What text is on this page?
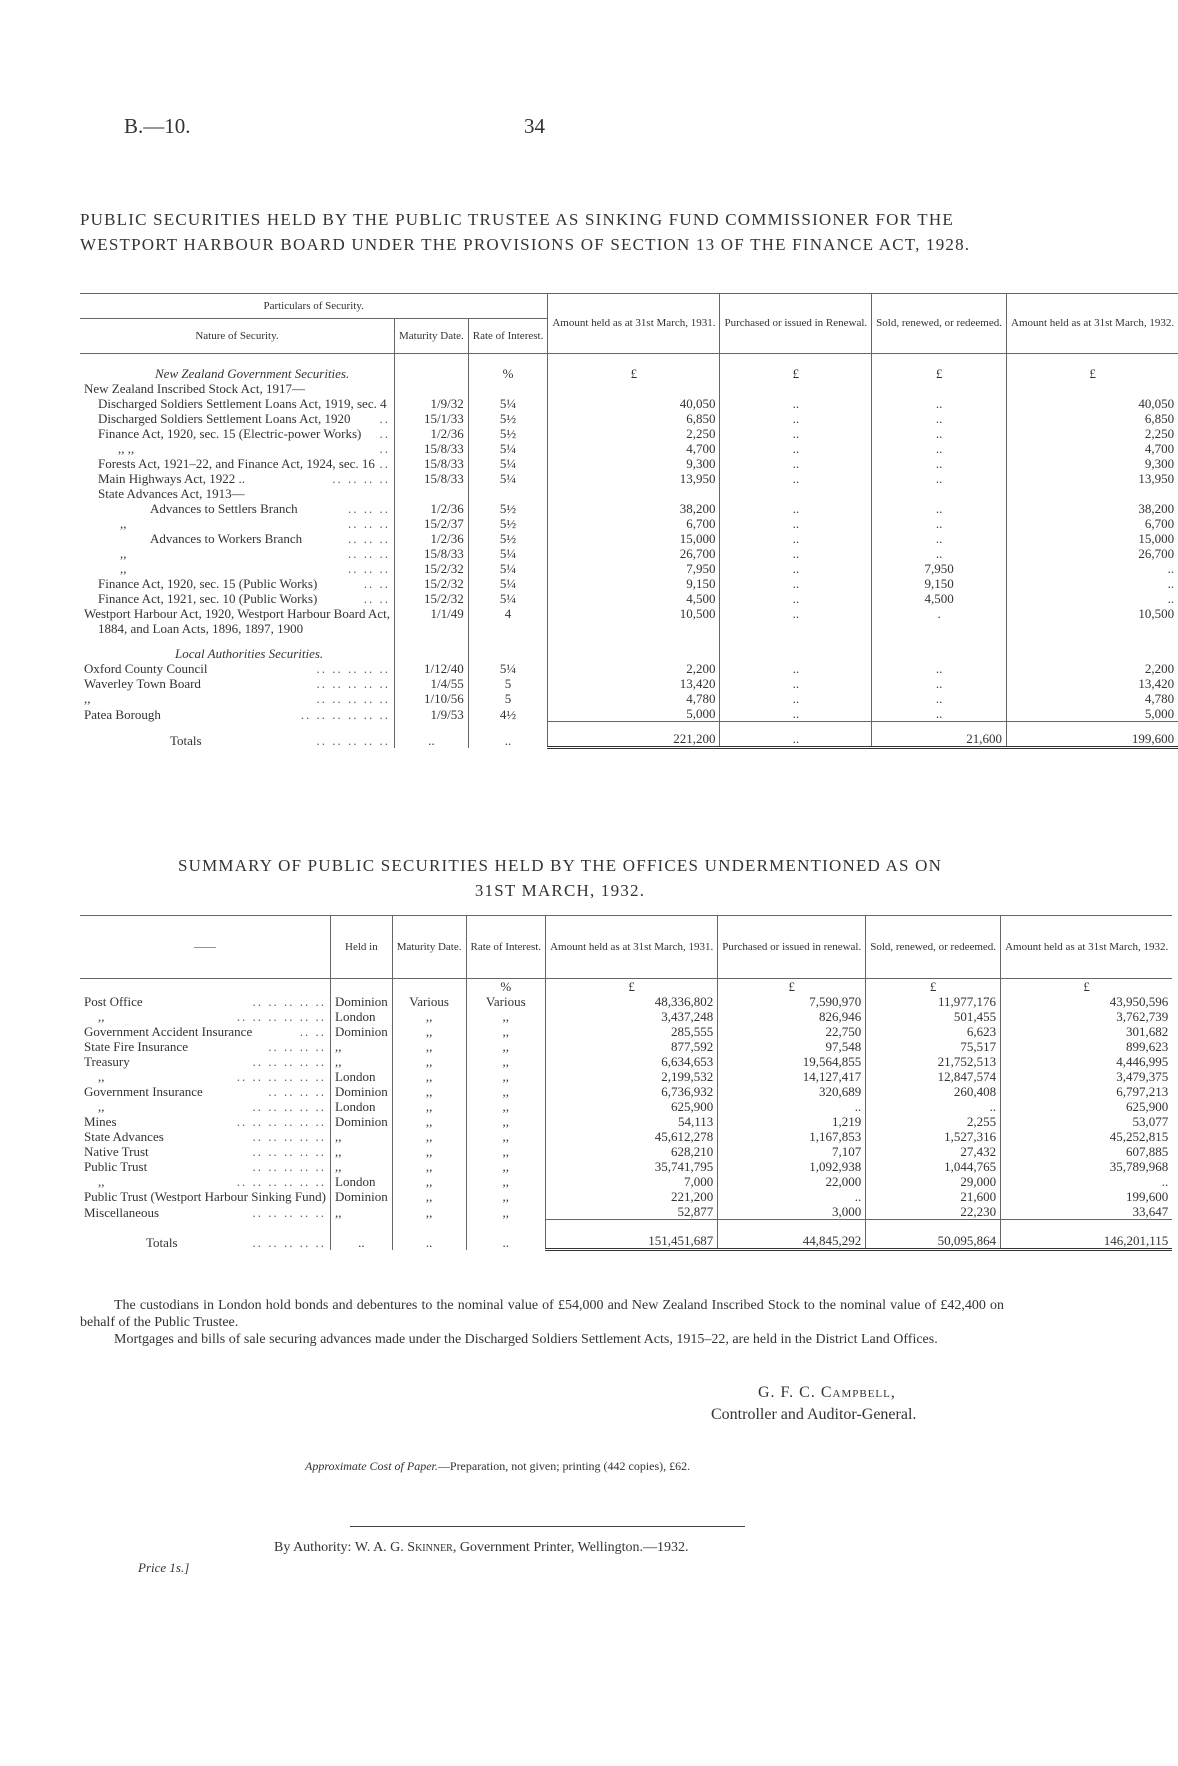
B.—10.	34
PUBLIC SECURITIES HELD BY THE PUBLIC TRUSTEE AS SINKING FUND COMMISSIONER FOR THE WESTPORT HARBOUR BOARD UNDER THE PROVISIONS OF SECTION 13 OF THE FINANCE ACT, 1928.
Particulars of Security.			Amount held as at 31st March, 1931.	Purchased or issued in Renewal.	Sold, renewed, or redeemed.	Amount held as at 31st March, 1932.
Nature of Security.	Maturity Date.	Rate of Interest.				
New Zealand Government Securities.		%	£	£	£	£
New Zealand Inscribed Stock Act, 1917—

Discharged Soldiers Settlement Loans Act, 1919, sec. 4	1/9/32	5¼	40,050	..	..	40,050
Discharged Soldiers Settlement Loans Act, 1920 ..	15/1/33	5½	6,850	..	..	6,850
Finance Act, 1920, sec. 15 (Electric-power Works) ..	1/2/36	5½	2,250	..	..	2,250
,, ,, ..	15/8/33	5¼	4,700	..	..	4,700
Forests Act, 1921–22, and Finance Act, 1924, sec. 16 ..	15/8/33	5¼	9,300	..	..	9,300
Main Highways Act, 1922 .. .. .. .. ..	15/8/33	5¼	13,950	..	..	13,950
State Advances Act, 1913—

Advances to Settlers Branch .. .. ..	1/2/36	5½	38,200	..	..	38,200
,, .. .. ..	15/2/37	5½	6,700	..	..	6,700
Advances to Workers Branch .. .. ..	1/2/36	5½	15,000	..	..	15,000
,, .. .. ..	15/8/33	5¼	26,700	..	..	26,700
,, .. .. ..	15/2/32	5¼	7,950	..	7,950	..
Finance Act, 1920, sec. 15 (Public Works) .. ..	15/2/32	5¼	9,150	..	9,150	..
Finance Act, 1921, sec. 10 (Public Works) .. ..	15/2/32	5¼	4,500	..	4,500	..
Westport Harbour Act, 1920, Westport Harbour Board Act,	1/1/49	4	10,500	..	.	10,500
1884, and Loan Acts, 1896, 1897, 1900

Local Authorities Securities.						
Oxford County Council .. .. .. .. ..	1/12/40	5¼	2,200	..	..	2,200
Waverley Town Board .. .. .. .. ..	1/4/55	5	13,420	..	..	13,420
,, .. .. .. .. ..	1/10/56	5	4,780	..	..	4,780
Patea Borough .. .. .. .. .. ..	1/9/53	4½	5,000	..	..	5,000
Totals .. .. .. .. ..	..	..	221,200	..	21,600	199,600
SUMMARY OF PUBLIC SECURITIES HELD BY THE OFFICES UNDERMENTIONED AS ON
31ST MARCH, 1932.
——	Held in	Maturity Date.	Rate of Interest.	Amount held as at 31st March, 1931.	Purchased or issued in renewal.	Sold, renewed, or redeemed.	Amount held as at 31st March, 1932.
			%	£	£	£	£
Post Office .. .. .. .. ..	Dominion	Various	Various	48,336,802	7,590,970	11,977,176	43,950,596
,, .. .. .. .. .. ..	London	,,	,,	3,437,248	826,946	501,455	3,762,739
Government Accident Insurance .. ..	Dominion	,,	,,	285,555	22,750	6,623	301,682
State Fire Insurance .. .. .. ..	,,	,,	,,	877,592	97,548	75,517	899,623
Treasury .. .. .. .. ..	,,	,,	,,	6,634,653	19,564,855	21,752,513	4,446,995
,, .. .. .. .. .. ..	London	,,	,,	2,199,532	14,127,417	12,847,574	3,479,375
Government Insurance .. .. .. ..	Dominion	,,	,,	6,736,932	320,689	260,408	6,797,213
,, .. .. .. .. ..	London	,,	,,	625,900	..	..	625,900
Mines .. .. .. .. .. ..	Dominion	,,	,,	54,113	1,219	2,255	53,077
State Advances .. .. .. .. ..	,,	,,	,,	45,612,278	1,167,853	1,527,316	45,252,815
Native Trust .. .. .. .. ..	,,	,,	,,	628,210	7,107	27,432	607,885
Public Trust .. .. .. .. ..	,,	,,	,,	35,741,795	1,092,938	1,044,765	35,789,968
,, .. .. .. .. .. ..	London	,,	,,	7,000	22,000	29,000	..
Public Trust (Westport Harbour Sinking Fund)	Dominion	,,	,,	221,200	..	21,600	199,600
Miscellaneous .. .. .. .. ..	,,	,,	,,	52,877	3,000	22,230	33,647
Totals .. .. .. .. ..	..	..	..	151,451,687	44,845,292	50,095,864	146,201,115
The custodians in London hold bonds and debentures to the nominal value of £54,000 and New Zealand Inscribed Stock to the nominal value of £42,400 on behalf of the Public Trustee.
Mortgages and bills of sale securing advances made under the Discharged Soldiers Settlement Acts, 1915–22, are held in the District Land Offices.
G. F. C. Campbell,
Controller and Auditor-General.
Approximate Cost of Paper.—Preparation, not given; printing (442 copies), £62.
By Authority: W. A. G. Skinner, Government Printer, Wellington.—1932.
Price 1s.]
